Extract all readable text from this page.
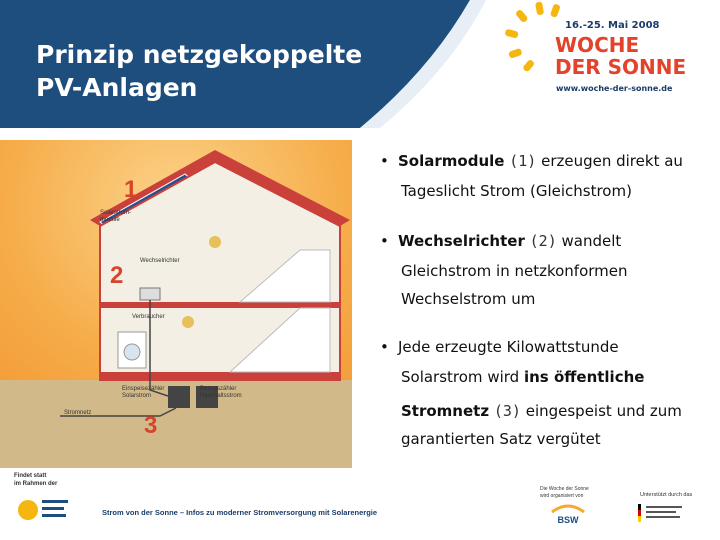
Prinzip netzgekoppelte
PV-Anlagen
16.-25. Mai 2008
WOCHE
DER SONNE
www.woche-der-sonne.de
1
2
3
Solarstrom-module
Wechselrichter
Verbraucher
Einspeisezähler Solarstrom
Bezugszähler Haushaltsstrom
Stromnetz
• Solarmodule (1) erzeugen direkt au
Tageslicht Strom (Gleichstrom)
• Wechselrichter (2) wandelt
Gleichstrom in netzkonformen
Wechselstrom um
• Jede erzeugte Kilowattstunde
Solarstrom wird ins öffentliche
Stromnetz (3) eingespeist und zum
garantierten Satz vergütet
Findet statt
im Rahmen der
Strom von der Sonne – Infos zu moderner Stromversorgung mit Solarenergie
Die Woche der Sonne
wird organisiert von
BSW
Unterstützt durch das
